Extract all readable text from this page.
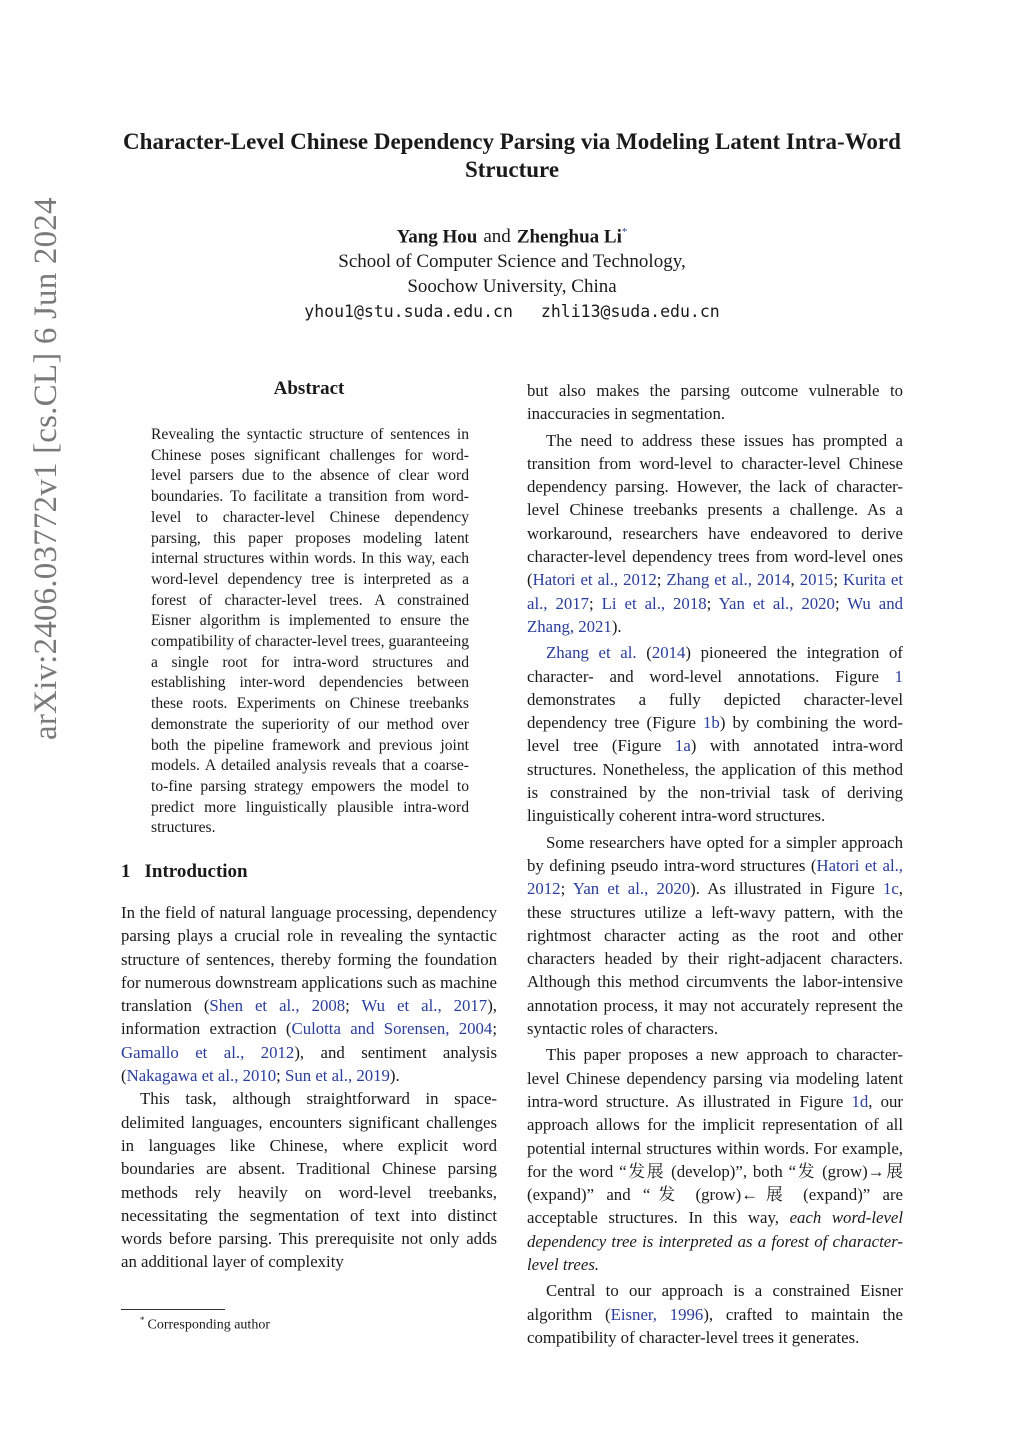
arXiv:2406.03772v1 [cs.CL] 6 Jun 2024
Character-Level Chinese Dependency Parsing via Modeling Latent Intra-Word Structure
Yang Hou and Zhenghua Li*
School of Computer Science and Technology,
Soochow University, China
yhou1@stu.suda.edu.cn zhli13@suda.edu.cn
Abstract
Revealing the syntactic structure of sentences in Chinese poses significant challenges for word-level parsers due to the absence of clear word boundaries. To facilitate a transition from word-level to character-level Chinese dependency parsing, this paper proposes modeling latent internal structures within words. In this way, each word-level dependency tree is interpreted as a forest of character-level trees. A constrained Eisner algorithm is implemented to ensure the compatibility of character-level trees, guaranteeing a single root for intra-word structures and establishing inter-word dependencies between these roots. Experiments on Chinese treebanks demonstrate the superiority of our method over both the pipeline framework and previous joint models. A detailed analysis reveals that a coarse-to-fine parsing strategy empowers the model to predict more linguistically plausible intra-word structures.
1 Introduction

In the field of natural language processing, dependency parsing plays a crucial role in revealing the syntactic structure of sentences, thereby forming the foundation for numerous downstream applications such as machine translation (Shen et al., 2008; Wu et al., 2017), information extraction (Culotta and Sorensen, 2004; Gamallo et al., 2012), and sentiment analysis (Nakagawa et al., 2010; Sun et al., 2019).

This task, although straightforward in space-delimited languages, encounters significant challenges in languages like Chinese, where explicit word boundaries are absent. Traditional Chinese parsing methods rely heavily on word-level treebanks, necessitating the segmentation of text into distinct words before parsing. This prerequisite not only adds an additional layer of complexity

but also makes the parsing outcome vulnerable to inaccuracies in segmentation.

The need to address these issues has prompted a transition from word-level to character-level Chinese dependency parsing. However, the lack of character-level Chinese treebanks presents a challenge. As a workaround, researchers have endeavored to derive character-level dependency trees from word-level ones (Hatori et al., 2012; Zhang et al., 2014, 2015; Kurita et al., 2017; Li et al., 2018; Yan et al., 2020; Wu and Zhang, 2021).

Zhang et al. (2014) pioneered the integration of character- and word-level annotations. Figure 1 demonstrates a fully depicted character-level dependency tree (Figure 1b) by combining the word-level tree (Figure 1a) with annotated intra-word structures. Nonetheless, the application of this method is constrained by the non-trivial task of deriving linguistically coherent intra-word structures.

Some researchers have opted for a simpler approach by defining pseudo intra-word structures (Hatori et al., 2012; Yan et al., 2020). As illustrated in Figure 1c, these structures utilize a left-wavy pattern, with the rightmost character acting as the root and other characters headed by their right-adjacent characters. Although this method circumvents the labor-intensive annotation process, it may not accurately represent the syntactic roles of characters.

This paper proposes a new approach to character-level Chinese dependency parsing via modeling latent intra-word structure. As illustrated in Figure 1d, our approach allows for the implicit representation of all potential internal structures within words. For example, for the word “发展 (develop)”, both “发 (grow)→展 (expand)” and “发 (grow)←展 (expand)” are acceptable structures. In this way, each word-level dependency tree is interpreted as a forest of character-level trees.

Central to our approach is a constrained Eisner algorithm (Eisner, 1996), crafted to maintain the compatibility of character-level trees it generates.

* Corresponding author
